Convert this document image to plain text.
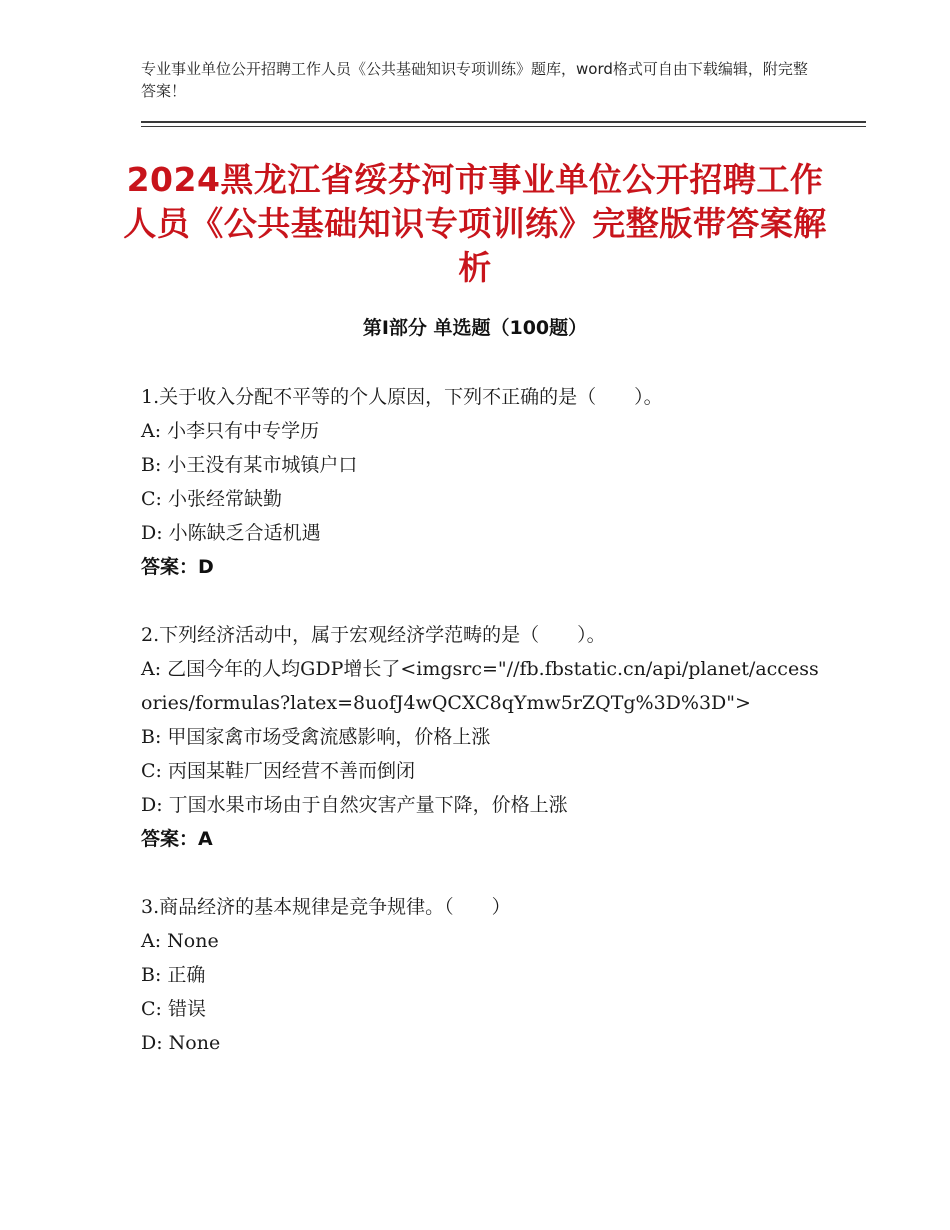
专业事业单位公开招聘工作人员《公共基础知识专项训练》题库，word格式可自由下载编辑，附完整答案！
2024黑龙江省绥芬河市事业单位公开招聘工作人员《公共基础知识专项训练》完整版带答案解析
第Ⅰ部分 单选题（100题）
1.关于收入分配不平等的个人原因，下列不正确的是（　　）。
A: 小李只有中专学历
B: 小王没有某市城镇户口
C: 小张经常缺勤
D: 小陈缺乏合适机遇
答案：D
2.下列经济活动中，属于宏观经济学范畴的是（　　）。
A: 乙国今年的人均GDP增长了<imgsrc="//fb.fbstatic.cn/api/planet/accessories/formulas?latex=8uofJ4wQCXC8qYmw5rZQTg%3D%3D">
B: 甲国家禽市场受禽流感影响，价格上涨
C: 丙国某鞋厂因经营不善而倒闭
D: 丁国水果市场由于自然灾害产量下降，价格上涨
答案：A
3.商品经济的基本规律是竞争规律。（　　）
A: None
B: 正确
C: 错误
D: None
